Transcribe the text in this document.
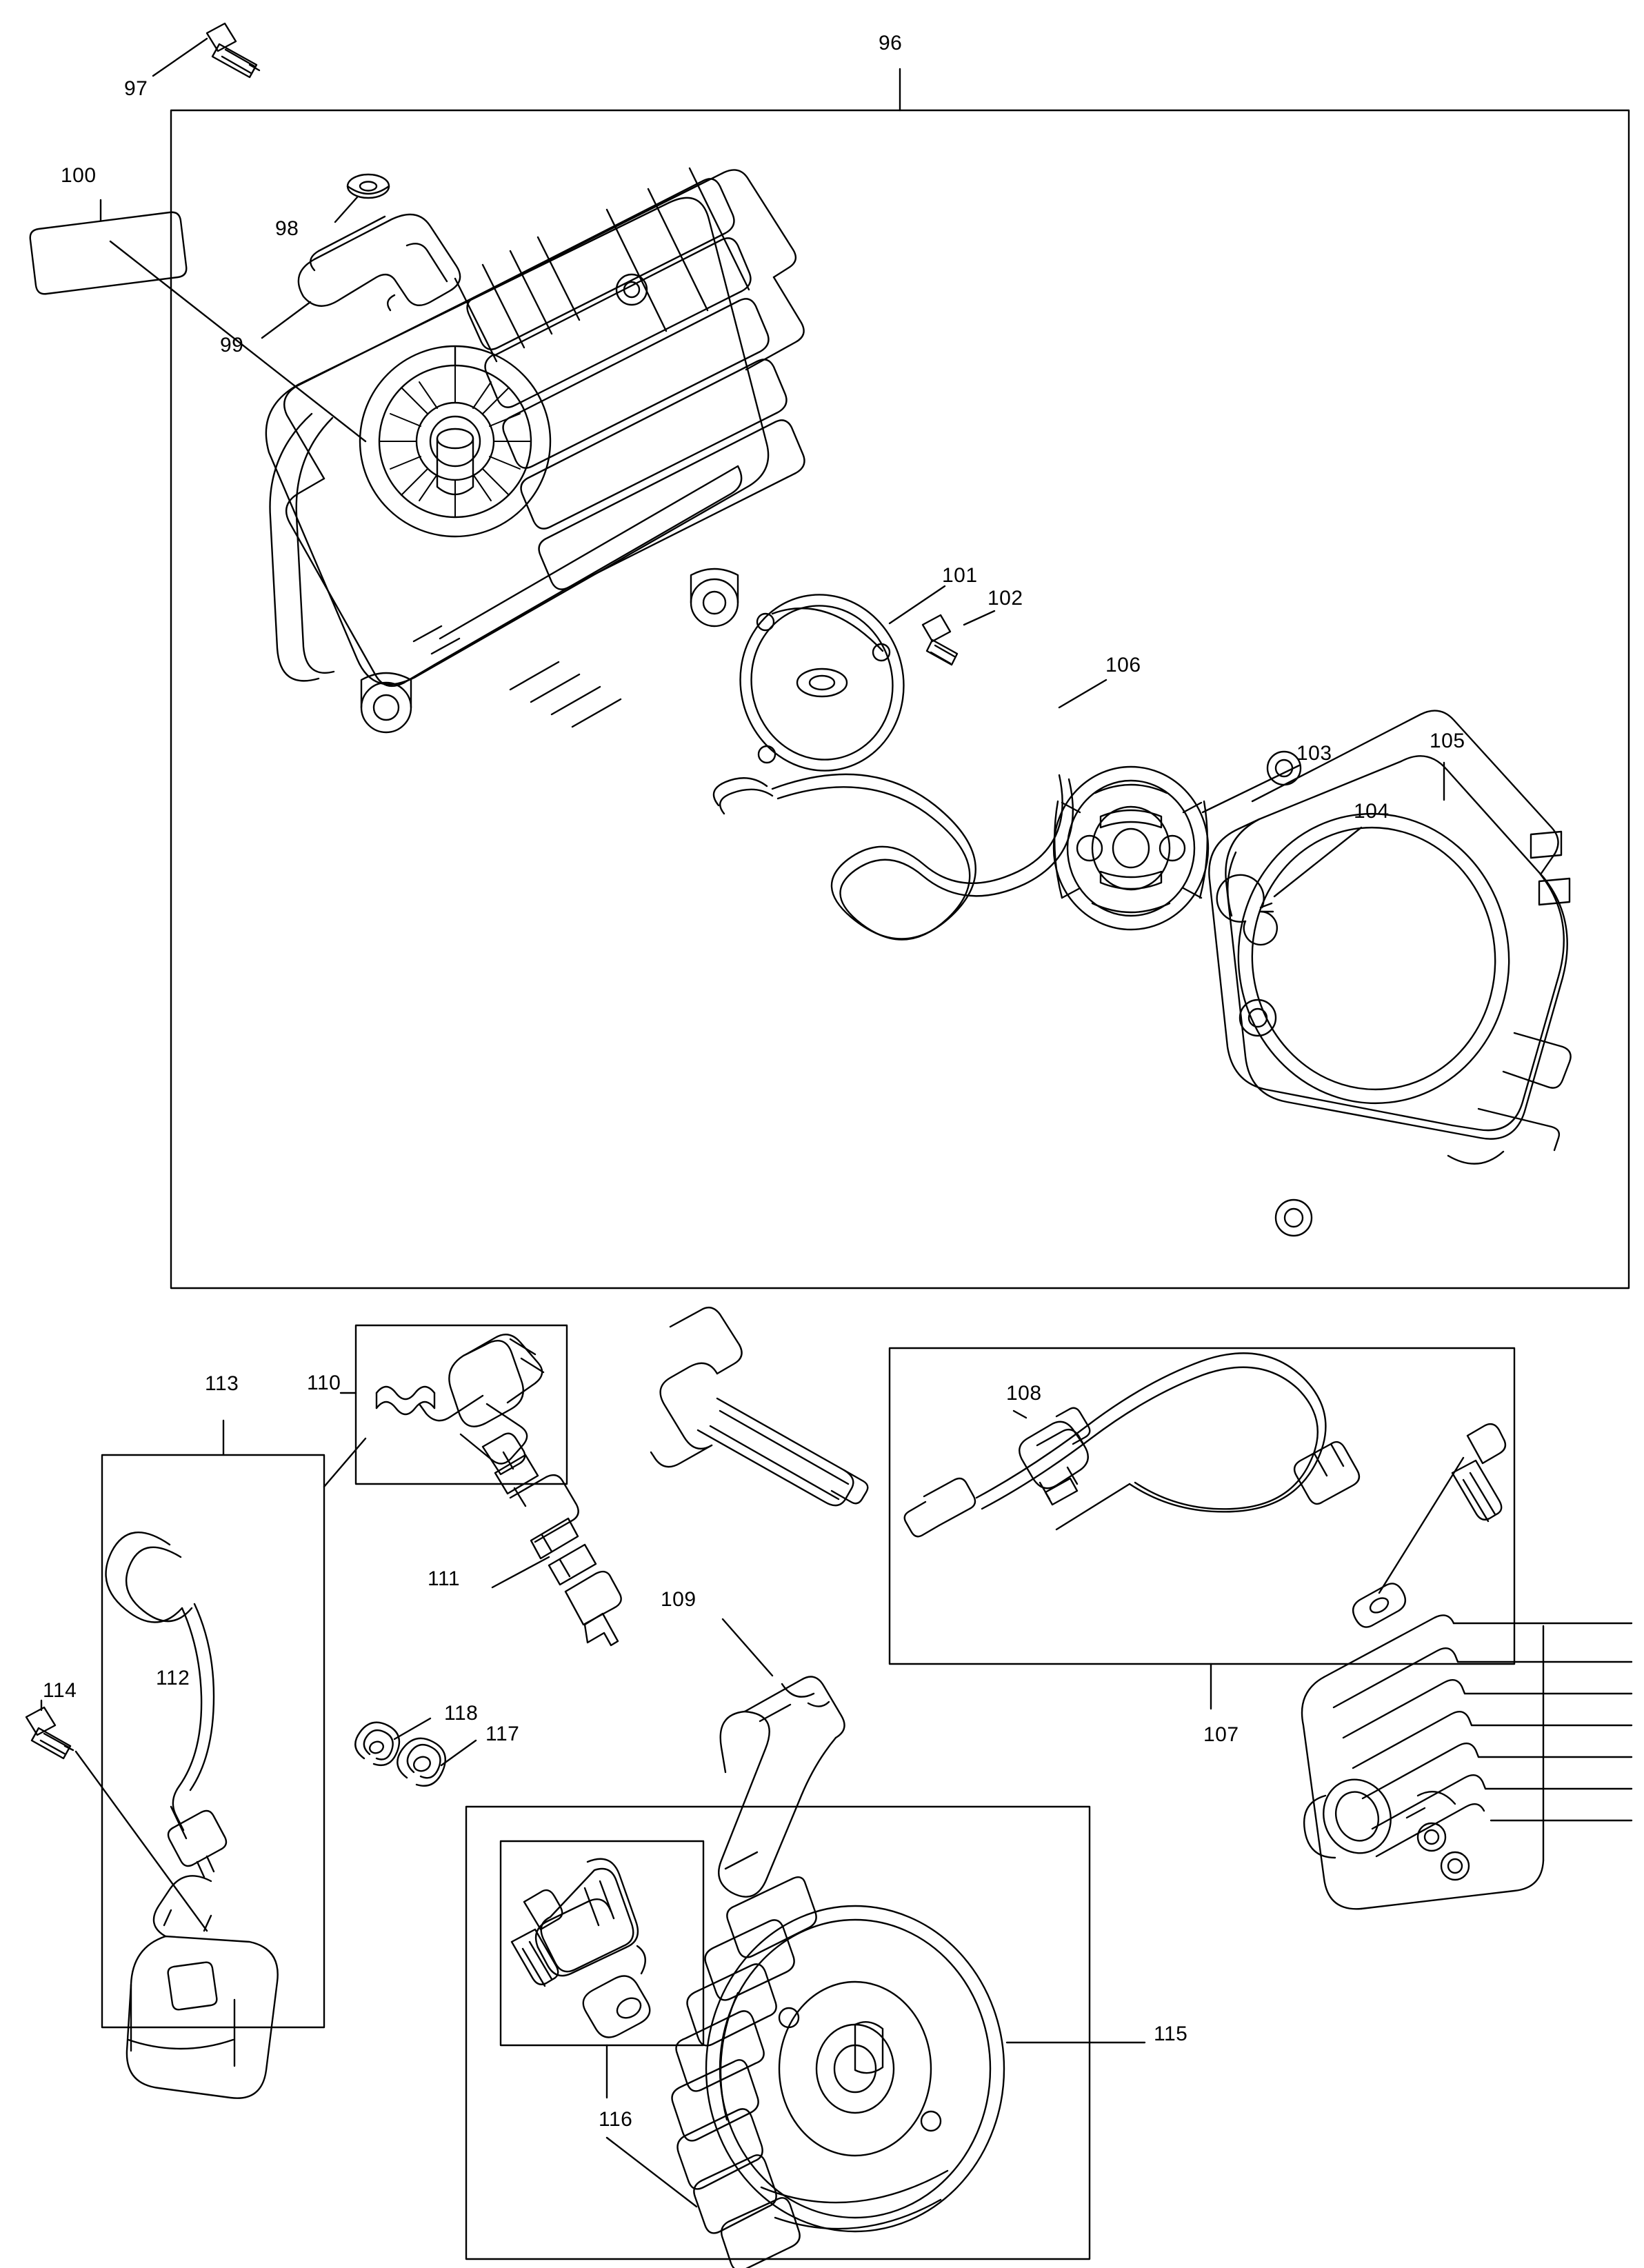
96
97
98
99
100
101
102
103
104
105
106
107
108
109
110
111
112
113
114
115
116
117
118
